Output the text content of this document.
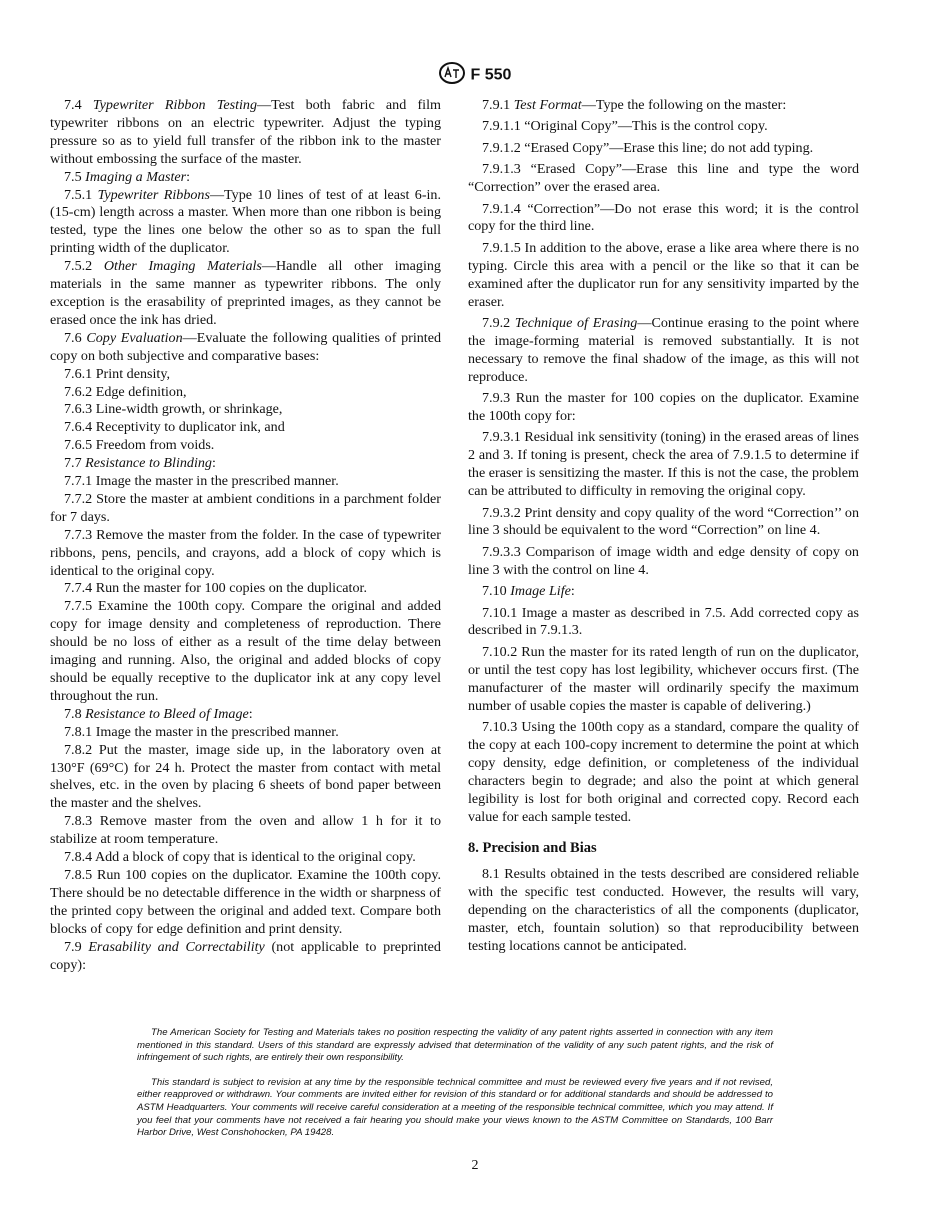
F 550

7.4 Typewriter Ribbon Testing—Test both fabric and film typewriter ribbons on an electric typewriter. Adjust the typing pressure so as to yield full transfer of the ribbon ink to the master without embossing the surface of the master.

7.5 Imaging a Master:

7.5.1 Typewriter Ribbons—Type 10 lines of test of at least 6-in. (15-cm) length across a master. When more than one ribbon is being tested, type the lines one below the other so as to span the full printing width of the duplicator.

7.5.2 Other Imaging Materials—Handle all other imaging materials in the same manner as typewriter ribbons. The only exception is the erasability of preprinted images, as they cannot be erased once the ink has dried.

7.6 Copy Evaluation—Evaluate the following qualities of printed copy on both subjective and comparative bases:

7.6.1 Print density,

7.6.2 Edge definition,

7.6.3 Line-width growth, or shrinkage,

7.6.4 Receptivity to duplicator ink, and

7.6.5 Freedom from voids.

7.7 Resistance to Blinding:

7.7.1 Image the master in the prescribed manner.

7.7.2 Store the master at ambient conditions in a parchment folder for 7 days.

7.7.3 Remove the master from the folder. In the case of typewriter ribbons, pens, pencils, and crayons, add a block of copy which is identical to the original copy.

7.7.4 Run the master for 100 copies on the duplicator.

7.7.5 Examine the 100th copy. Compare the original and added copy for image density and completeness of reproduction. There should be no loss of either as a result of the time delay between imaging and running. Also, the original and added blocks of copy should be equally receptive to the duplicator ink at any copy level throughout the run.

7.8 Resistance to Bleed of Image:

7.8.1 Image the master in the prescribed manner.

7.8.2 Put the master, image side up, in the laboratory oven at 130°F (69°C) for 24 h. Protect the master from contact with metal shelves, etc. in the oven by placing 6 sheets of bond paper between the master and the shelves.

7.8.3 Remove master from the oven and allow 1 h for it to stabilize at room temperature.

7.8.4 Add a block of copy that is identical to the original copy.

7.8.5 Run 100 copies on the duplicator. Examine the 100th copy. There should be no detectable difference in the width or sharpness of the printed copy between the original and added text. Compare both blocks of copy for edge definition and print density.

7.9 Erasability and Correctability (not applicable to preprinted copy):

7.9.1 Test Format—Type the following on the master:

7.9.1.1 “Original Copy”—This is the control copy.

7.9.1.2 “Erased Copy”—Erase this line; do not add typing.

7.9.1.3 “Erased Copy”—Erase this line and type the word “Correction” over the erased area.

7.9.1.4 “Correction”—Do not erase this word; it is the control copy for the third line.

7.9.1.5 In addition to the above, erase a like area where there is no typing. Circle this area with a pencil or the like so that it can be examined after the duplicator run for any sensitivity imparted by the eraser.

7.9.2 Technique of Erasing—Continue erasing to the point where the image-forming material is removed substantially. It is not necessary to remove the final shadow of the image, as this will not reproduce.

7.9.3 Run the master for 100 copies on the duplicator. Examine the 100th copy for:

7.9.3.1 Residual ink sensitivity (toning) in the erased areas of lines 2 and 3. If toning is present, check the area of 7.9.1.5 to determine if the eraser is sensitizing the master. If this is not the case, the problem can be attributed to difficulty in removing the original copy.

7.9.3.2 Print density and copy quality of the word “Correction’’ on line 3 should be equivalent to the word “Correction” on line 4.

7.9.3.3 Comparison of image width and edge density of copy on line 3 with the control on line 4.

7.10 Image Life:

7.10.1 Image a master as described in 7.5. Add corrected copy as described in 7.9.1.3.

7.10.2 Run the master for its rated length of run on the duplicator, or until the test copy has lost legibility, whichever occurs first. (The manufacturer of the master will ordinarily specify the maximum number of usable copies the master is capable of delivering.)

7.10.3 Using the 100th copy as a standard, compare the quality of the copy at each 100-copy increment to determine the point at which copy density, edge definition, or completeness of the individual characters begin to degrade; and also the point at which general legibility is lost for both original and corrected copy. Record each value for each sample tested.

8. Precision and Bias

8.1 Results obtained in the tests described are considered reliable with the specific test conducted. However, the results will vary, depending on the characteristics of all the components (duplicator, master, etch, fountain solution) so that reproducibility between testing locations cannot be anticipated.

The American Society for Testing and Materials takes no position respecting the validity of any patent rights asserted in connection with any item mentioned in this standard. Users of this standard are expressly advised that determination of the validity of any such patent rights, and the risk of infringement of such rights, are entirely their own responsibility.

This standard is subject to revision at any time by the responsible technical committee and must be reviewed every five years and if not revised, either reapproved or withdrawn. Your comments are invited either for revision of this standard or for additional standards and should be addressed to ASTM Headquarters. Your comments will receive careful consideration at a meeting of the responsible technical committee, which you may attend. If you feel that your comments have not received a fair hearing you should make your views known to the ASTM Committee on Standards, 100 Barr Harbor Drive, West Conshohocken, PA 19428.

2
